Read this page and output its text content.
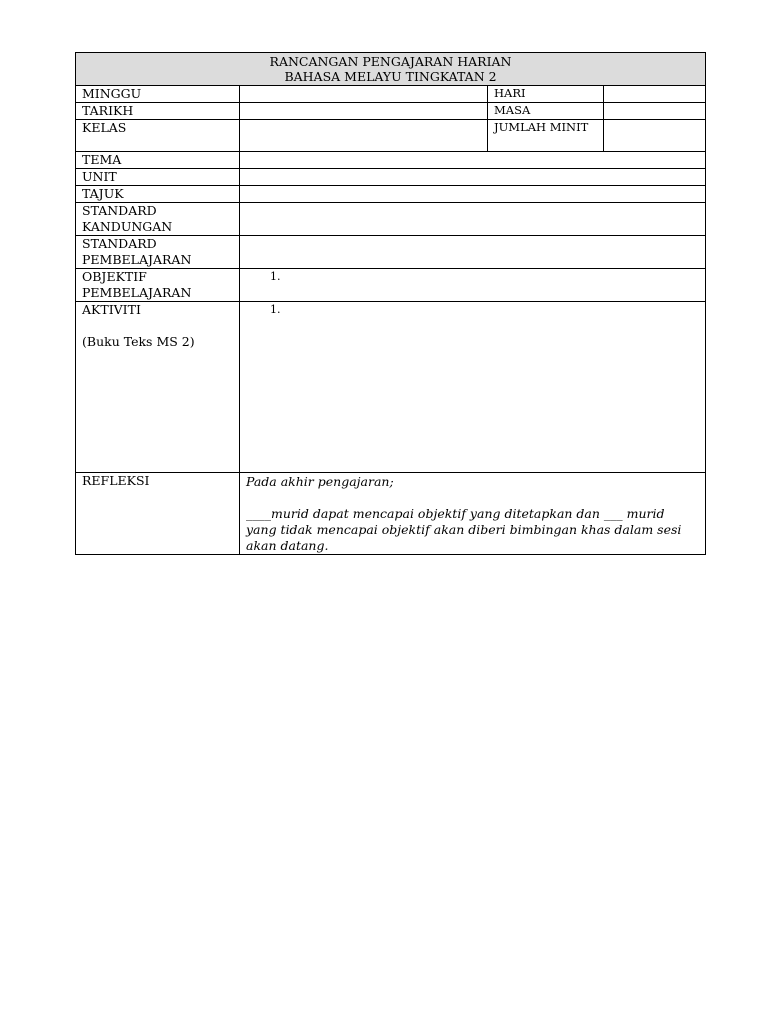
RANCANGAN PENGAJARAN HARIAN
BAHASA MELAYU TINGKATAN 2			
MINGGU		HARI	
TARIKH		MASA	
KELAS		JUMLAH MINIT	
TEMA			
UNIT			
TAJUK			
STANDARD KANDUNGAN			
STANDARD PEMBELAJARAN			
OBJEKTIF PEMBELAJARAN	1.		

AKTIVITI
(Buku Teks MS 2)	1.		

REFLEKSI	Pada akhir pengajaran;
____murid dapat mencapai objektif yang ditetapkan dan ___ murid yang tidak mencapai objektif akan diberi bimbingan khas dalam sesi akan datang.		
